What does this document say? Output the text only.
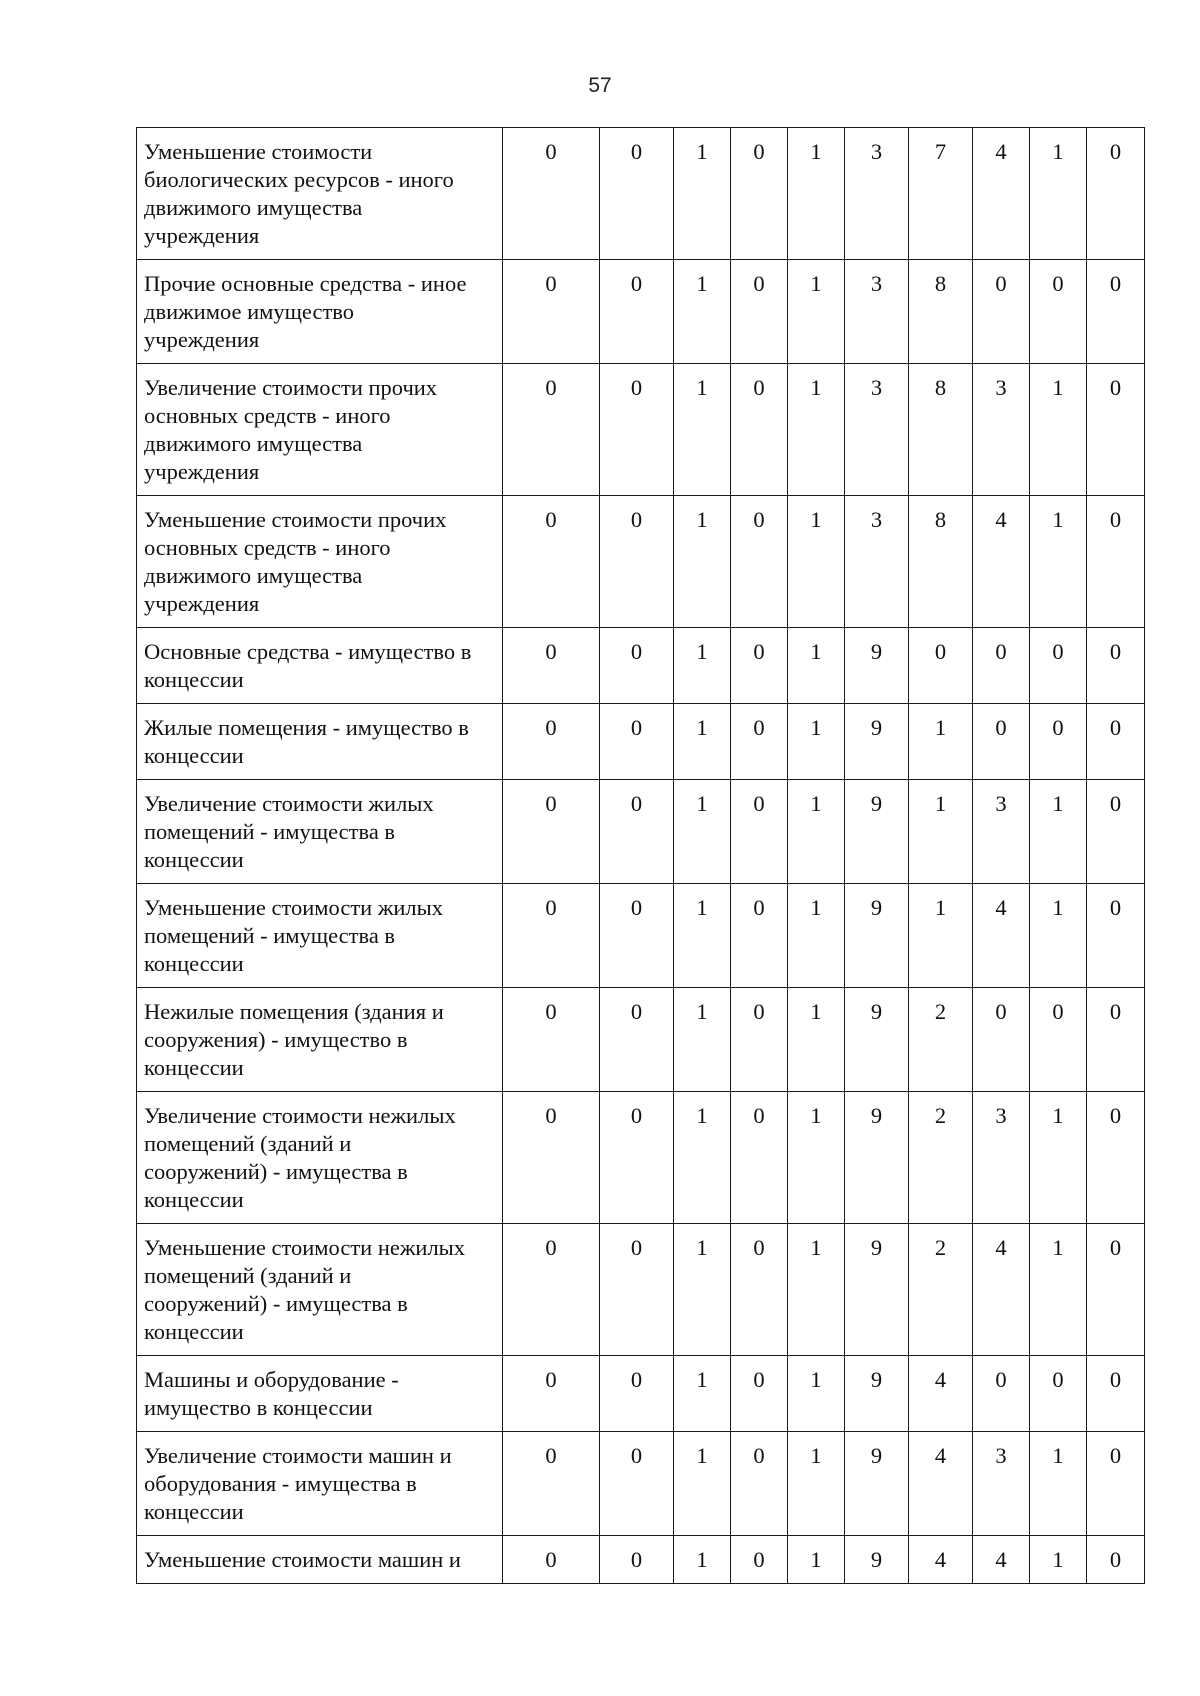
57
Уменьшение стоимости
биологических ресурсов - иного
движимого имущества
учреждения	0	0	1	0	1	3	7	4	1	0
Прочие основные средства - иное
движимое имущество
учреждения	0	0	1	0	1	3	8	0	0	0
Увеличение стоимости прочих
основных средств - иного
движимого имущества
учреждения	0	0	1	0	1	3	8	3	1	0
Уменьшение стоимости прочих
основных средств - иного
движимого имущества
учреждения	0	0	1	0	1	3	8	4	1	0
Основные средства - имущество в
концессии	0	0	1	0	1	9	0	0	0	0
Жилые помещения - имущество в
концессии	0	0	1	0	1	9	1	0	0	0
Увеличение стоимости жилых
помещений - имущества в
концессии	0	0	1	0	1	9	1	3	1	0
Уменьшение стоимости жилых
помещений - имущества в
концессии	0	0	1	0	1	9	1	4	1	0
Нежилые помещения (здания и
сооружения) - имущество в
концессии	0	0	1	0	1	9	2	0	0	0
Увеличение стоимости нежилых
помещений (зданий и
сооружений) - имущества в
концессии	0	0	1	0	1	9	2	3	1	0
Уменьшение стоимости нежилых
помещений (зданий и
сооружений) - имущества в
концессии	0	0	1	0	1	9	2	4	1	0
Машины и оборудование -
имущество в концессии	0	0	1	0	1	9	4	0	0	0
Увеличение стоимости машин и
оборудования - имущества в
концессии	0	0	1	0	1	9	4	3	1	0
Уменьшение стоимости машин и	0	0	1	0	1	9	4	4	1	0
